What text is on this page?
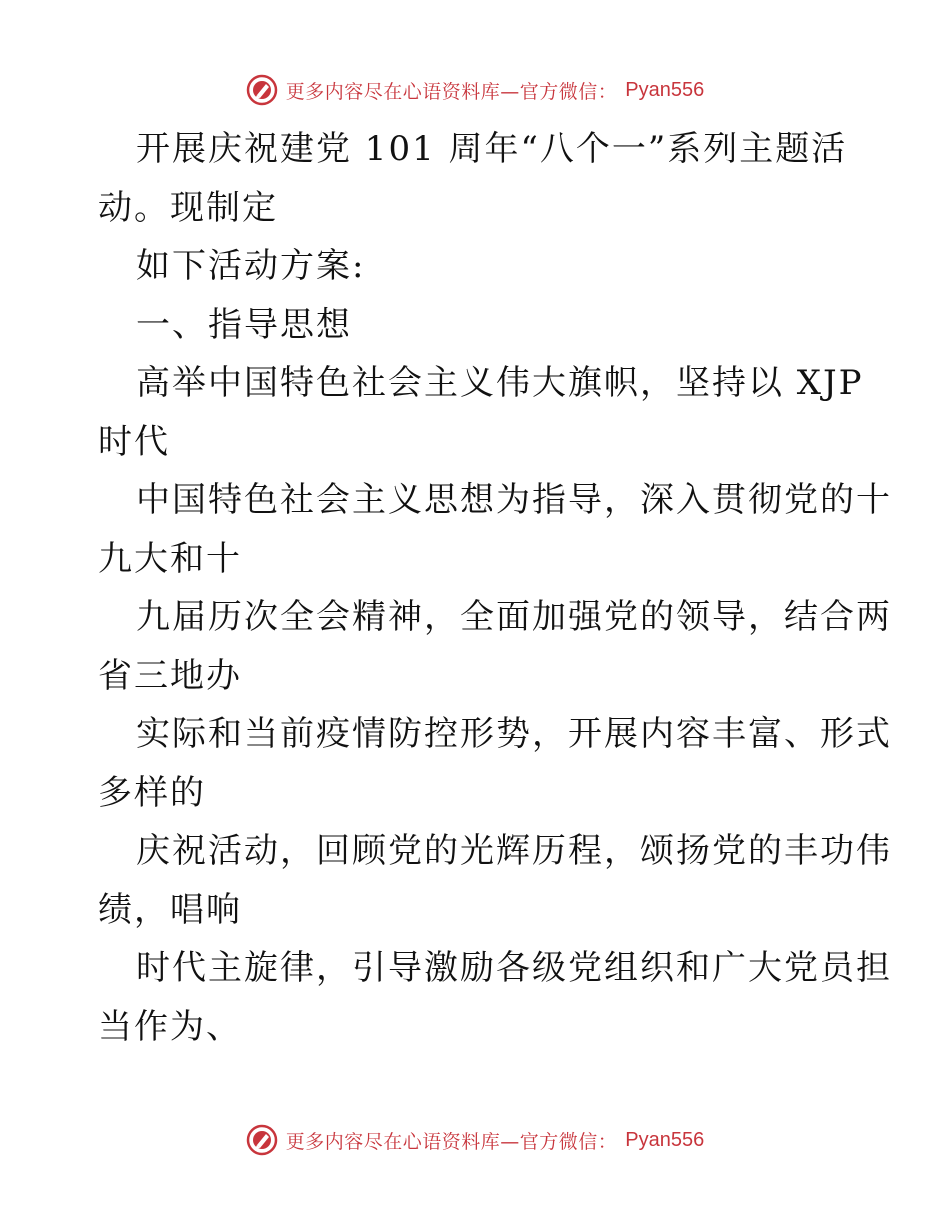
更多内容尽在心语资料库—官方微信： Pyan556

开展庆祝建党 101 周年“八个一”系列主题活

动。现制定

如下活动方案:

一、指导思想

高举中国特色社会主义伟大旗帜，坚持以 XJP

时代

中国特色社会主义思想为指导，深入贯彻党的十

九大和十

九届历次全会精神，全面加强党的领导，结合两

省三地办

实际和当前疫情防控形势，开展内容丰富、形式

多样的

庆祝活动，回顾党的光辉历程，颂扬党的丰功伟

绩，唱响

时代主旋律，引导激励各级党组织和广大党员担

当作为、

更多内容尽在心语资料库—官方微信： Pyan556
